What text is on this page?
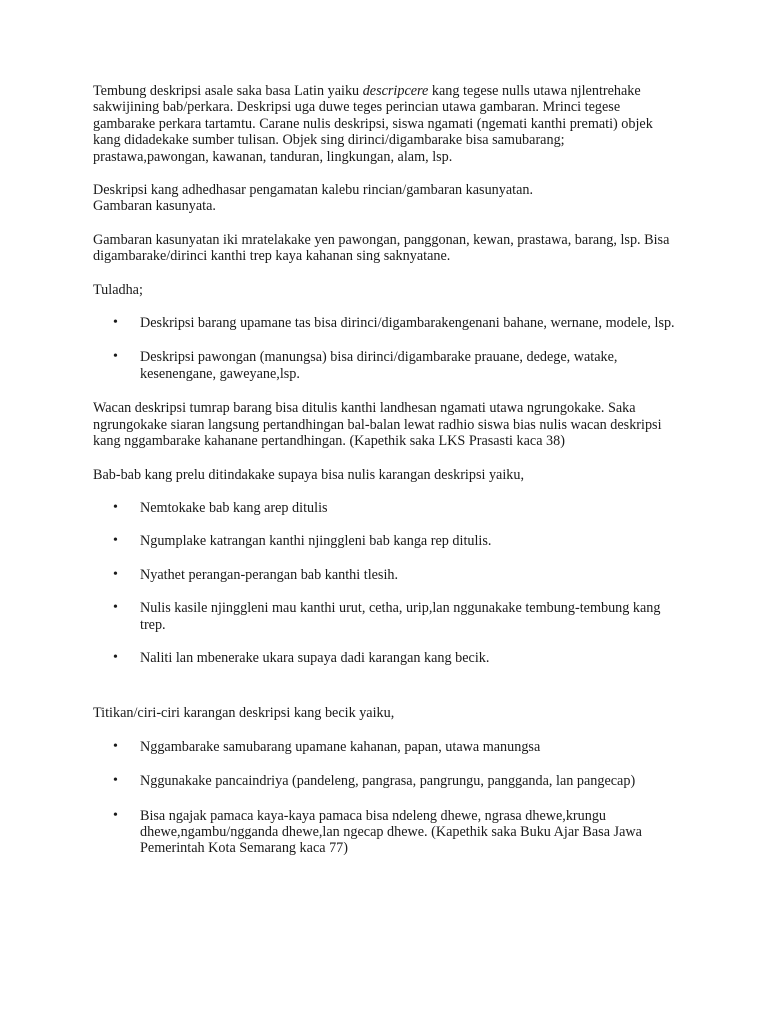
Tembung deskripsi asale saka basa Latin yaiku descripcere kang tegese nulls utawa njlentrehake sakwijining bab/perkara. Deskripsi uga duwe teges perincian utawa gambaran. Mrinci tegese gambarake perkara tartamtu. Carane nulis deskripsi, siswa ngamati (ngemati kanthi premati) objek kang didadekake sumber tulisan. Objek sing dirinci/digambarake bisa samubarang; prastawa,pawongan, kawanan, tanduran, lingkungan, alam, lsp.

Deskripsi kang adhedhasar pengamatan kalebu rincian/gambaran kasunyatan.
Gambaran kasunyata.

Gambaran kasunyatan iki mratelakake yen pawongan, panggonan, kewan, prastawa, barang, lsp. Bisa digambarake/dirinci kanthi trep kaya kahanan sing saknyatane.

Tuladha;

• Deskripsi barang upamane tas bisa dirinci/digambarakengenani bahane, wernane, modele, lsp.
• Deskripsi pawongan (manungsa) bisa dirinci/digambarake prauane, dedege, watake, kesenengane, gaweyane,lsp.

Wacan deskripsi tumrap barang bisa ditulis kanthi landhesan ngamati utawa ngrungokake. Saka ngrungokake siaran langsung pertandhingan bal-balan lewat radhio siswa bias nulis wacan deskripsi kang nggambarake kahanane pertandhingan. (Kapethik saka LKS Prasasti kaca 38)

Bab-bab kang prelu ditindakake supaya bisa nulis karangan deskripsi yaiku,

• Nemtokake bab kang arep ditulis
• Ngumplake katrangan kanthi njinggleni bab kanga rep ditulis.
• Nyathet perangan-perangan bab kanthi tlesih.
• Nulis kasile njinggleni mau kanthi urut, cetha, urip,lan nggunakake tembung-tembung kang trep.
• Naliti lan mbenerake ukara supaya dadi karangan kang becik.

Titikan/ciri-ciri karangan deskripsi kang becik yaiku,

• Nggambarake samubarang upamane kahanan, papan, utawa manungsa
• Nggunakake pancaindriya (pandeleng, pangrasa, pangrungu, pangganda, lan pangecap)
• Bisa ngajak pamaca kaya-kaya pamaca bisa ndeleng dhewe, ngrasa dhewe,krungu dhewe,ngambu/ngganda dhewe,lan ngecap dhewe. (Kapethik saka Buku Ajar Basa Jawa Pemerintah Kota Semarang kaca 77)
